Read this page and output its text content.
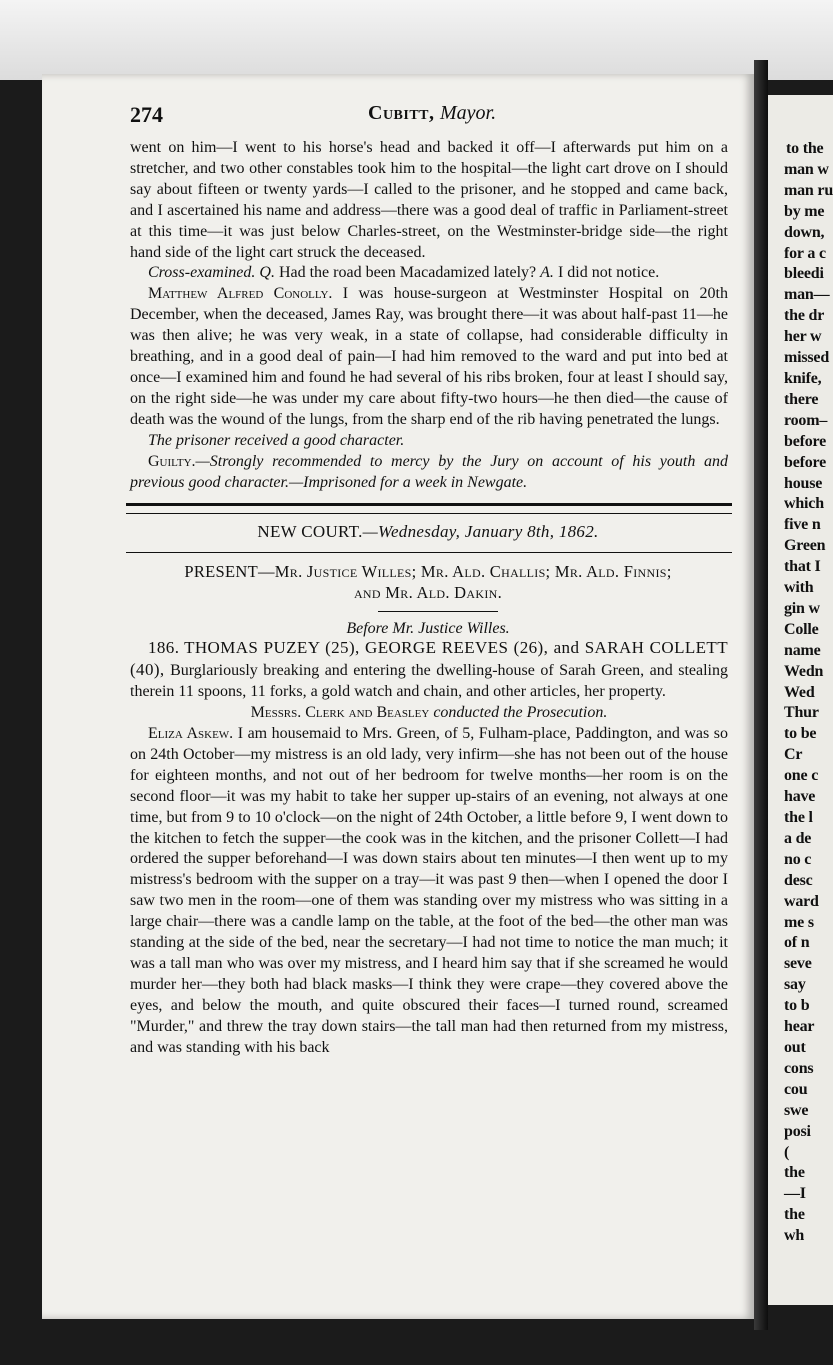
to the
man w
man ru
by me
down,
for a c
bleedi
man—
the dr
her w
missed
knife,
there
room–
before
before
house
which
five n
Green
that I
with
gin w
Colle
name
Wedn
Wed
Thur
to be
Cr
one c
have
the l
a de
no c
desc
ward
me s
of n
seve
say
to b
hear
out
cons
cou
swe
posi
(
the
—I
the
wh
274	Cubitt, Mayor.

went on him—I went to his horse's head and backed it off—I afterwards put him on a stretcher, and two other constables took him to the hospital—the light cart drove on I should say about fifteen or twenty yards—I called to the prisoner, and he stopped and came back, and I ascertained his name and address—there was a good deal of traffic in Parliament-street at this time—it was just below Charles-street, on the Westminster-bridge side—the right hand side of the light cart struck the deceased.

Cross-examined. Q. Had the road been Macadamized lately? A. I did not notice.

Matthew Alfred Conolly. I was house-surgeon at Westminster Hospital on 20th December, when the deceased, James Ray, was brought there—it was about half-past 11—he was then alive; he was very weak, in a state of collapse, had considerable difficulty in breathing, and in a good deal of pain—I had him removed to the ward and put into bed at once—I examined him and found he had several of his ribs broken, four at least I should say, on the right side—he was under my care about fifty-two hours—he then died—the cause of death was the wound of the lungs, from the sharp end of the rib having penetrated the lungs.

The prisoner received a good character.

Guilty.—Strongly recommended to mercy by the Jury on account of his youth and previous good character.—Imprisoned for a week in Newgate.

NEW COURT.—Wednesday, January 8th, 1862.
PRESENT—Mr. Justice Willes; Mr. Ald. Challis; Mr. Ald. Finnis;
and Mr. Ald. Dakin.
Before Mr. Justice Willes.

186. THOMAS PUZEY (25), GEORGE REEVES (26), and SARAH COLLETT (40), Burglariously breaking and entering the dwelling-house of Sarah Green, and stealing therein 11 spoons, 11 forks, a gold watch and chain, and other articles, her property.

Messrs. Clerk and Beasley conducted the Prosecution.

Eliza Askew. I am housemaid to Mrs. Green, of 5, Fulham-place, Paddington, and was so on 24th October—my mistress is an old lady, very infirm—she has not been out of the house for eighteen months, and not out of her bedroom for twelve months—her room is on the second floor—it was my habit to take her supper up-stairs of an evening, not always at one time, but from 9 to 10 o'clock—on the night of 24th October, a little before 9, I went down to the kitchen to fetch the supper—the cook was in the kitchen, and the prisoner Collett—I had ordered the supper beforehand—I was down stairs about ten minutes—I then went up to my mistress's bedroom with the supper on a tray—it was past 9 then—when I opened the door I saw two men in the room—one of them was standing over my mistress who was sitting in a large chair—there was a candle lamp on the table, at the foot of the bed—the other man was standing at the side of the bed, near the secretary—I had not time to notice the man much; it was a tall man who was over my mistress, and I heard him say that if she screamed he would murder her—they both had black masks—I think they were crape—they covered above the eyes, and below the mouth, and quite obscured their faces—I turned round, screamed "Murder," and threw the tray down stairs—the tall man had then returned from my mistress, and was standing with his back
